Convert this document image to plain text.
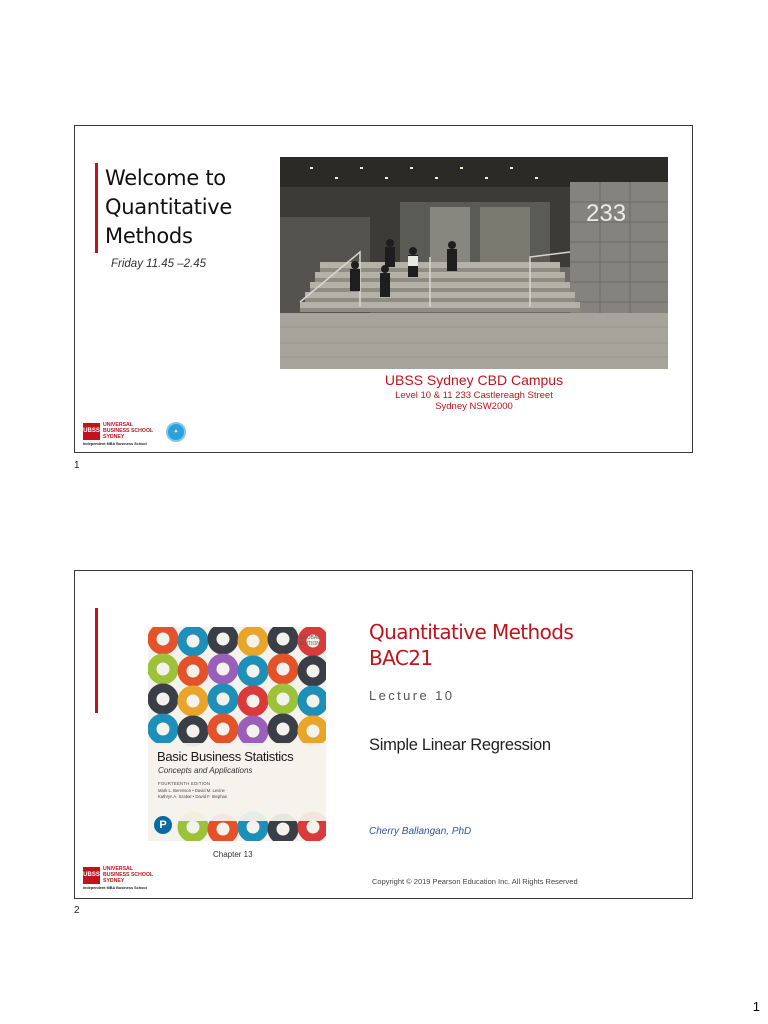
Welcome to
Quantitative
Methods
Friday 11.45 –2.45
233
UBSS Sydney CBD Campus
Level 10 & 11 233 Castlereagh Street
Sydney NSW2000
UBSS
UNIVERSAL
BUSINESS SCHOOL
SYDNEY
Independent MBA Business School
✦
1
GLOBAL
EDITION
Basic Business Statistics
Concepts and Applications
FOURTEENTH EDITION
Mark L. Berenson • David M. Levine
Kathryn A. Szabat • David F. Stephan
P
Quantitative Methods
BAC21
Lecture 10
Simple Linear Regression
Cherry Ballangan, PhD
Chapter 13
Copyright © 2019 Pearson Education Inc. All Rights Reserved
UBSS
UNIVERSAL
BUSINESS SCHOOL
SYDNEY
Independent MBA Business School
2
1
